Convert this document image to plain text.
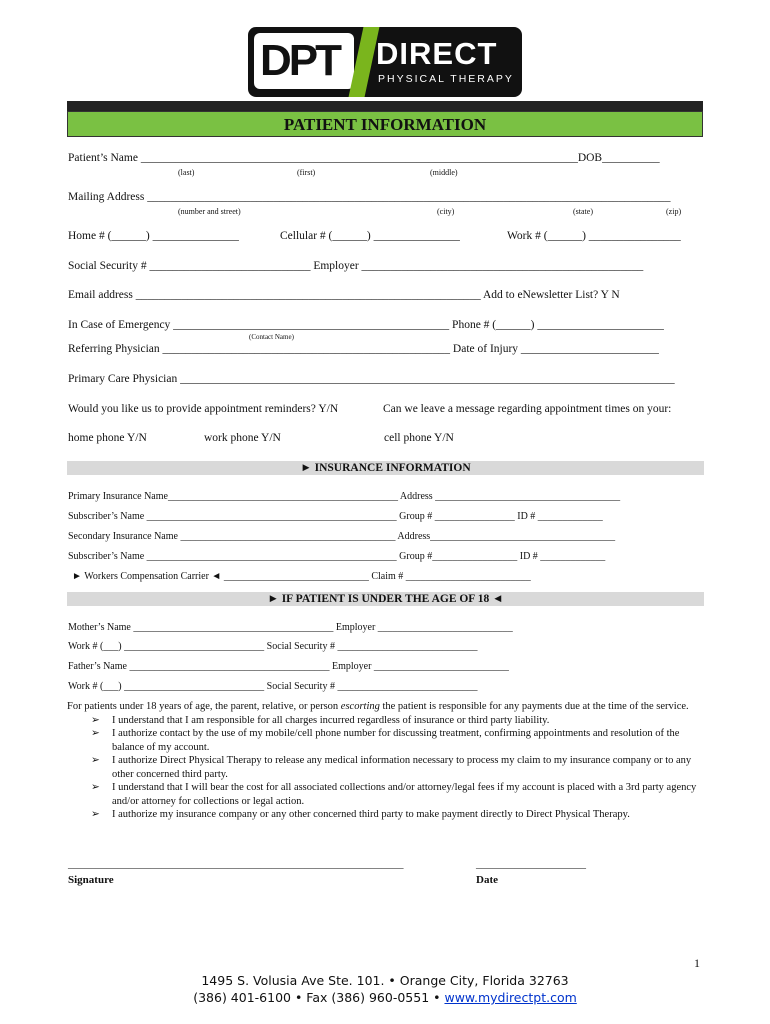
DPT DIRECT
PHYSICAL THERAPY
PATIENT INFORMATION
Patient’s Name ____________________________________________________________________________DOB__________
(last)	(first)	(middle)
Mailing Address ___________________________________________________________________________________________
(number and street)	(city)	(state)	(zip)
Home # (______) _______________	Cellular # (______) _______________	Work # (______) ________________
Social Security # ____________________________ Employer _________________________________________________
Email address ____________________________________________________________ Add to eNewsletter List? Y N
In Case of Emergency ________________________________________________ Phone # (______) ______________________
(Contact Name)
Referring Physician __________________________________________________ Date of Injury ________________________
Primary Care Physician ______________________________________________________________________________________
Would you like us to provide appointment reminders? Y/N	Can we leave a message regarding appointment times on your:
home phone Y/N	work phone Y/N	cell phone Y/N
► INSURANCE INFORMATION
Primary Insurance Name______________________________________________ Address _____________________________________
Subscriber’s Name __________________________________________________ Group # ________________ ID # _____________
Secondary Insurance Name ___________________________________________ Address_____________________________________
Subscriber’s Name __________________________________________________ Group #_________________ ID # _____________
► Workers Compensation Carrier ◄ _____________________________ Claim # _________________________
► IF PATIENT IS UNDER THE AGE OF 18 ◄
Mother’s Name ________________________________________ Employer ___________________________
Work # (___) ____________________________ Social Security # ____________________________
Father’s Name ________________________________________ Employer ___________________________
Work # (___) ____________________________ Social Security # ____________________________

For patients under 18 years of age, the parent, relative, or person escorting the patient is responsible for any payments due at the time of the service.

➢ I understand that I am responsible for all charges incurred regardless of insurance or third party liability.
➢ I authorize contact by the use of my mobile/cell phone number for discussing treatment, confirming appointments and resolution of the balance of my account.
➢ I authorize Direct Physical Therapy to release any medical information necessary to process my claim to my insurance company or to any other concerned third party.
➢ I understand that I will bear the cost for all associated collections and/or attorney/legal fees if my account is placed with a 3rd party agency and/or attorney for collections or legal action.
➢ I authorize my insurance company or any other concerned third party to make payment directly to Direct Physical Therapy.
_____________________________________________________________	____________________
Signature	Date
1
1495 S. Volusia Ave Ste. 101. • Orange City, Florida 32763
(386) 401-6100 • Fax (386) 960-0551 • www.mydirectpt.com
